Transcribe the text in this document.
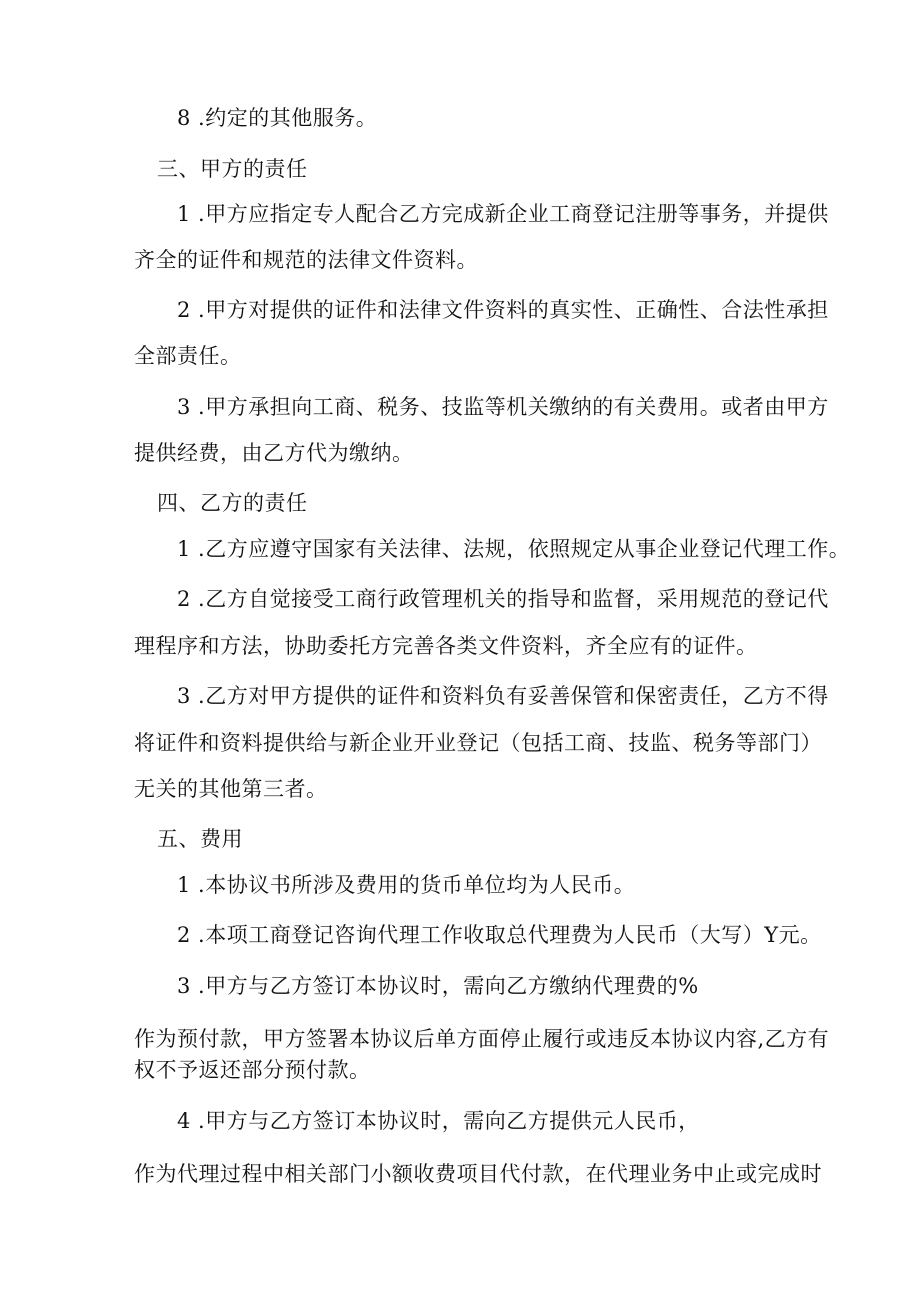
8 .约定的其他服务。
三、甲方的责任
1 .甲方应指定专人配合乙方完成新企业工商登记注册等事务，并提供
齐全的证件和规范的法律文件资料。
2 .甲方对提供的证件和法律文件资料的真实性、正确性、合法性承担
全部责任。
3 .甲方承担向工商、税务、技监等机关缴纳的有关费用。或者由甲方
提供经费，由乙方代为缴纳。
四、乙方的责任
1 .乙方应遵守国家有关法律、法规，依照规定从事企业登记代理工作。
2 .乙方自觉接受工商行政管理机关的指导和监督，采用规范的登记代
理程序和方法，协助委托方完善各类文件资料，齐全应有的证件。
3 .乙方对甲方提供的证件和资料负有妥善保管和保密责任，乙方不得
将证件和资料提供给与新企业开业登记（包括工商、技监、税务等部门）
无关的其他第三者。
五、费用
1 .本协议书所涉及费用的货币单位均为人民币。
2 .本项工商登记咨询代理工作收取总代理费为人民币（大写）Y元。
3 .甲方与乙方签订本协议时，需向乙方缴纳代理费的%
作为预付款，甲方签署本协议后单方面停止履行或违反本协议内容,乙方有
权不予返还部分预付款。
4 .甲方与乙方签订本协议时，需向乙方提供元人民币，
作为代理过程中相关部门小额收费项目代付款，在代理业务中止或完成时
